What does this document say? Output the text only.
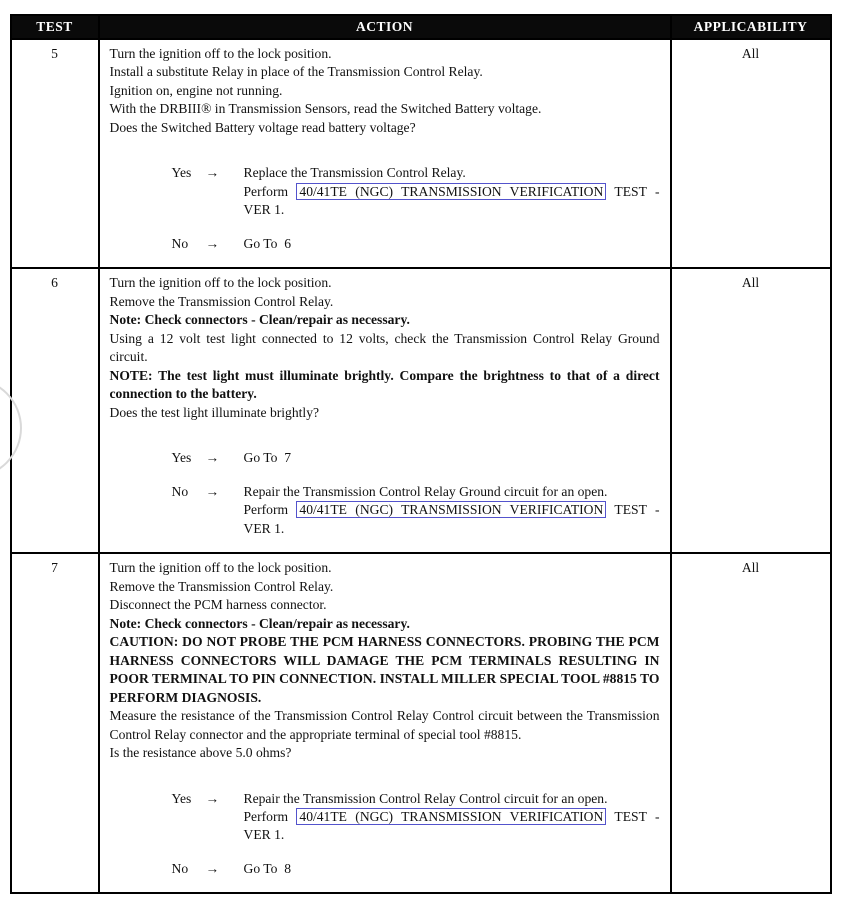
TEST	ACTION	APPLICABILITY
5	Turn the ignition off to the lock position.
Install a substitute Relay in place of the Transmission Control Relay.
Ignition on, engine not running.
With the DRBIII® in Transmission Sensors, read the Switched Battery voltage.
Does the Switched Battery voltage read battery voltage?
Yes	→	Replace the Transmission Control Relay.
Perform 40/41TE (NGC) TRANSMISSION VERIFICATION TEST - VER 1.
No	→	Go To  6
	All
6	Turn the ignition off to the lock position.
Remove the Transmission Control Relay.
Note: Check connectors - Clean/repair as necessary.
Using a 12 volt test light connected to 12 volts, check the Transmission Control Relay Ground circuit.
NOTE: The test light must illuminate brightly. Compare the brightness to that of a direct connection to the battery.
Does the test light illuminate brightly?
Yes	→	Go To  7
No	→	Repair the Transmission Control Relay Ground circuit for an open.
Perform 40/41TE (NGC) TRANSMISSION VERIFICATION TEST - VER 1.
	All
7	Turn the ignition off to the lock position.
Remove the Transmission Control Relay.
Disconnect the PCM harness connector.
Note: Check connectors - Clean/repair as necessary.
CAUTION: DO NOT PROBE THE PCM HARNESS CONNECTORS. PROBING THE PCM HARNESS CONNECTORS WILL DAMAGE THE PCM TERMINALS RESULTING IN POOR TERMINAL TO PIN CONNECTION. INSTALL MILLER SPECIAL TOOL #8815 TO PERFORM DIAGNOSIS.
Measure the resistance of the Transmission Control Relay Control circuit between the Transmission Control Relay connector and the appropriate terminal of special tool #8815.
Is the resistance above 5.0 ohms?
Yes	→	Repair the Transmission Control Relay Control circuit for an open.
Perform 40/41TE (NGC) TRANSMISSION VERIFICATION TEST - VER 1.
No	→	Go To  8
	All
